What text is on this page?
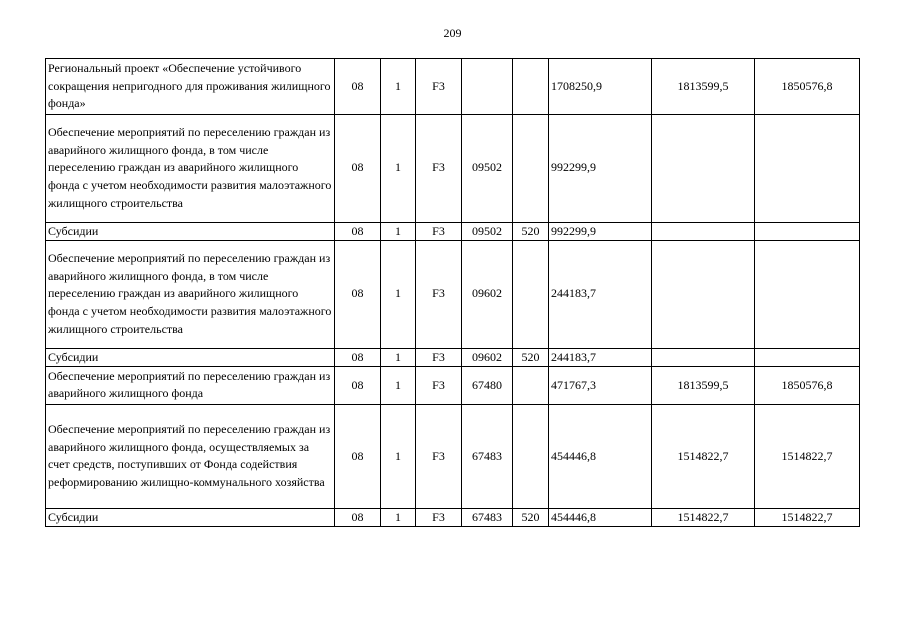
209
Региональный проект «Обеспечение устойчивого сокращения непригодного для проживания жилищного фонда»	08	1	F3			1708250,9	1813599,5	1850576,8
Обеспечение мероприятий по переселению граждан из аварийного жилищного фонда, в том числе переселению граждан из аварийного жилищного фонда с учетом необходимости развития малоэтажного жилищного строительства	08	1	F3	09502		992299,9		
Субсидии	08	1	F3	09502	520	992299,9		
Обеспечение мероприятий по переселению граждан из аварийного жилищного фонда, в том числе переселению граждан из аварийного жилищного фонда с учетом необходимости развития малоэтажного жилищного строительства	08	1	F3	09602		244183,7		
Субсидии	08	1	F3	09602	520	244183,7		
Обеспечение мероприятий по переселению граждан из аварийного жилищного фонда	08	1	F3	67480		471767,3	1813599,5	1850576,8
Обеспечение мероприятий по переселению граждан из аварийного жилищного фонда, осуществляемых за счет средств, поступивших от Фонда содействия реформированию жилищно-коммунального хозяйства	08	1	F3	67483		454446,8	1514822,7	1514822,7
Субсидии	08	1	F3	67483	520	454446,8	1514822,7	1514822,7
